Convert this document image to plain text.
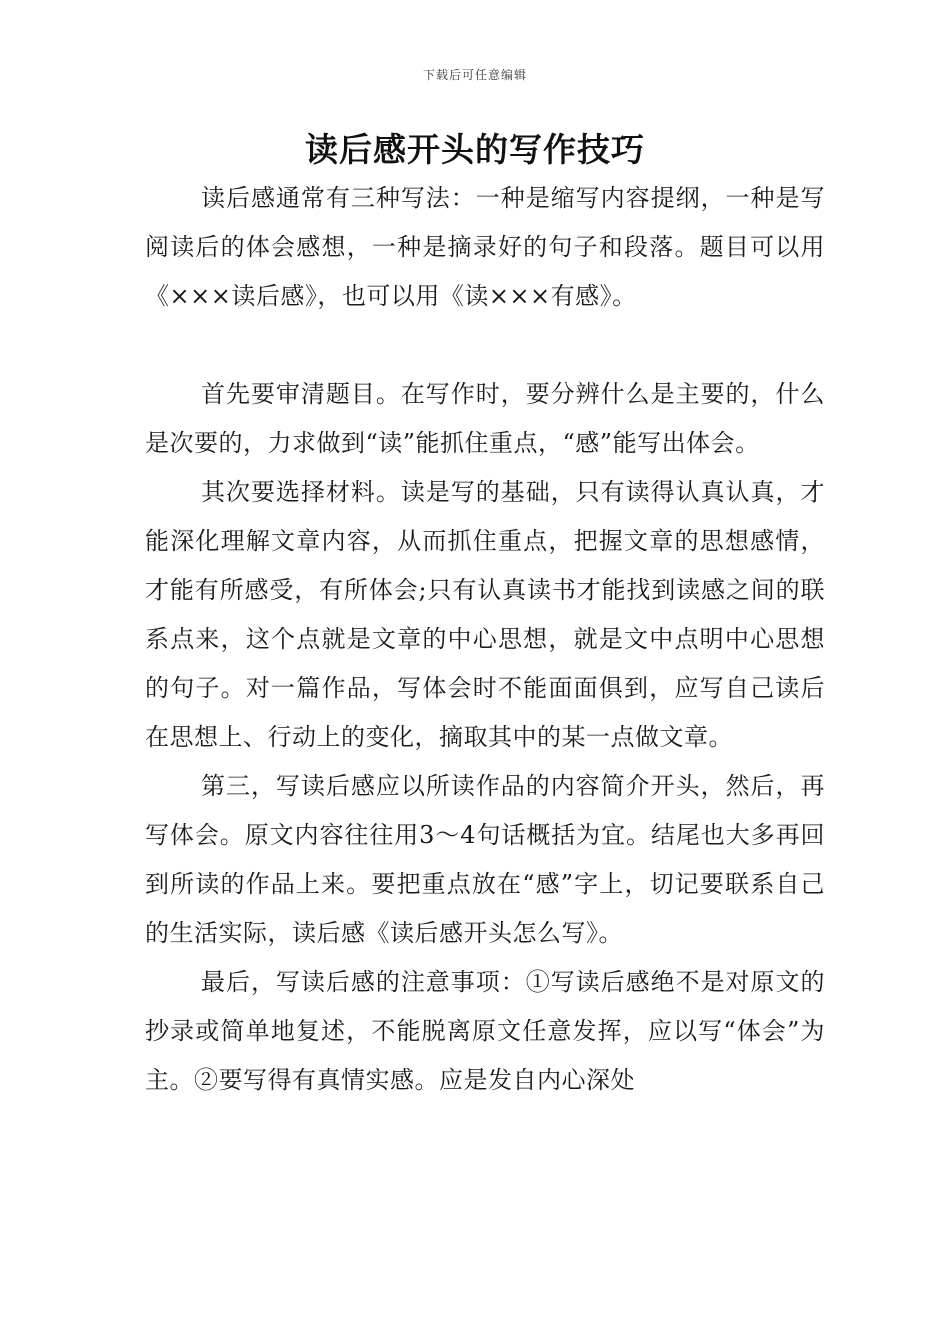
下载后可任意编辑
读后感开头的写作技巧

读后感通常有三种写法：一种是缩写内容提纲，一种是写阅读后的体会感想，一种是摘录好的句子和段落。题目可以用《×××读后感》，也可以用《读×××有感》。

首先要审清题目。在写作时，要分辨什么是主要的，什么是次要的，力求做到“读”能抓住重点，“感”能写出体会。

其次要选择材料。读是写的基础，只有读得认真认真，才能深化理解文章内容，从而抓住重点，把握文章的思想感情，才能有所感受，有所体会;只有认真读书才能找到读感之间的联系点来，这个点就是文章的中心思想，就是文中点明中心思想的句子。对一篇作品，写体会时不能面面俱到，应写自己读后在思想上、行动上的变化，摘取其中的某一点做文章。

第三，写读后感应以所读作品的内容简介开头，然后，再写体会。原文内容往往用3～4句话概括为宜。结尾也大多再回到所读的作品上来。要把重点放在“感”字上，切记要联系自己的生活实际，读后感《读后感开头怎么写》。

最后，写读后感的注意事项：①写读后感绝不是对原文的抄录或简单地复述，不能脱离原文任意发挥，应以写“体会”为主。②要写得有真情实感。应是发自内心深处
